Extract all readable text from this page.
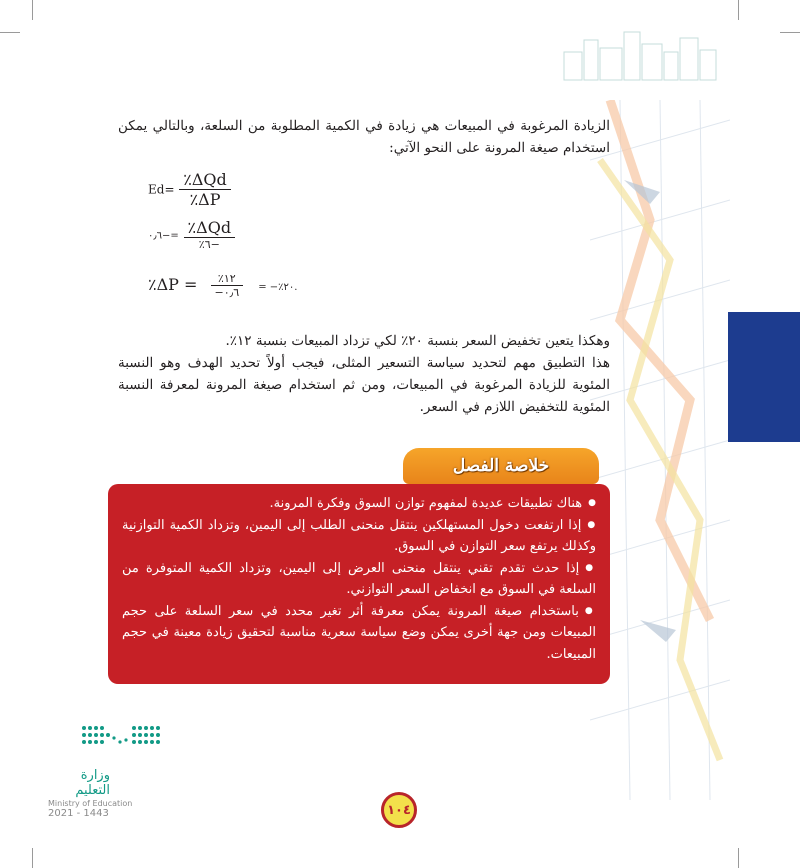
الزيادة المرغوبة في المبيعات هي زيادة في الكمية المطلوبة من السلعة، وبالتالي يمكن استخدام صيغة المرونة على النحو الآتي:

$Ed= \frac{\text{٪ΔQd}}{٪\Delta P}$
٠٫٦−= $\frac{\text{٪ΔQd}}{٪٦-}$
٪ΔP = $\frac{٪١٢}{-٠٫٦}$ = −٪٢٠.

وهكذا يتعين تخفيض السعر بنسبة ٢٠٪ لكي تزداد المبيعات بنسبة ١٢٪.

هذا التطبيق مهم لتحديد سياسة التسعير المثلى، فيجب أولاً تحديد الهدف وهو النسبة المئوية للزيادة المرغوبة في المبيعات، ومن ثم استخدام صيغة المرونة لمعرفة النسبة المئوية للتخفيض اللازم في السعر.

خلاصة الفصل
● هناك تطبيقات عديدة لمفهوم توازن السوق وفكرة المرونة.
● إذا ارتفعت دخول المستهلكين ينتقل منحنى الطلب إلى اليمين، وتزداد الكمية التوازنية وكذلك يرتفع سعر التوازن في السوق.
● إذا حدث تقدم تقني ينتقل منحنى العرض إلى اليمين، وتزداد الكمية المتوفرة من السلعة في السوق مع انخفاض السعر التوازني.
● باستخدام صيغة المرونة يمكن معرفة أثر تغير محدد في سعر السلعة على حجم المبيعات ومن جهة أخرى يمكن وضع سياسة سعرية مناسبة لتحقيق زيادة معينة في حجم المبيعات.
وزارة التعليم
Ministry of Education
2021 - 1443	١٠٤
